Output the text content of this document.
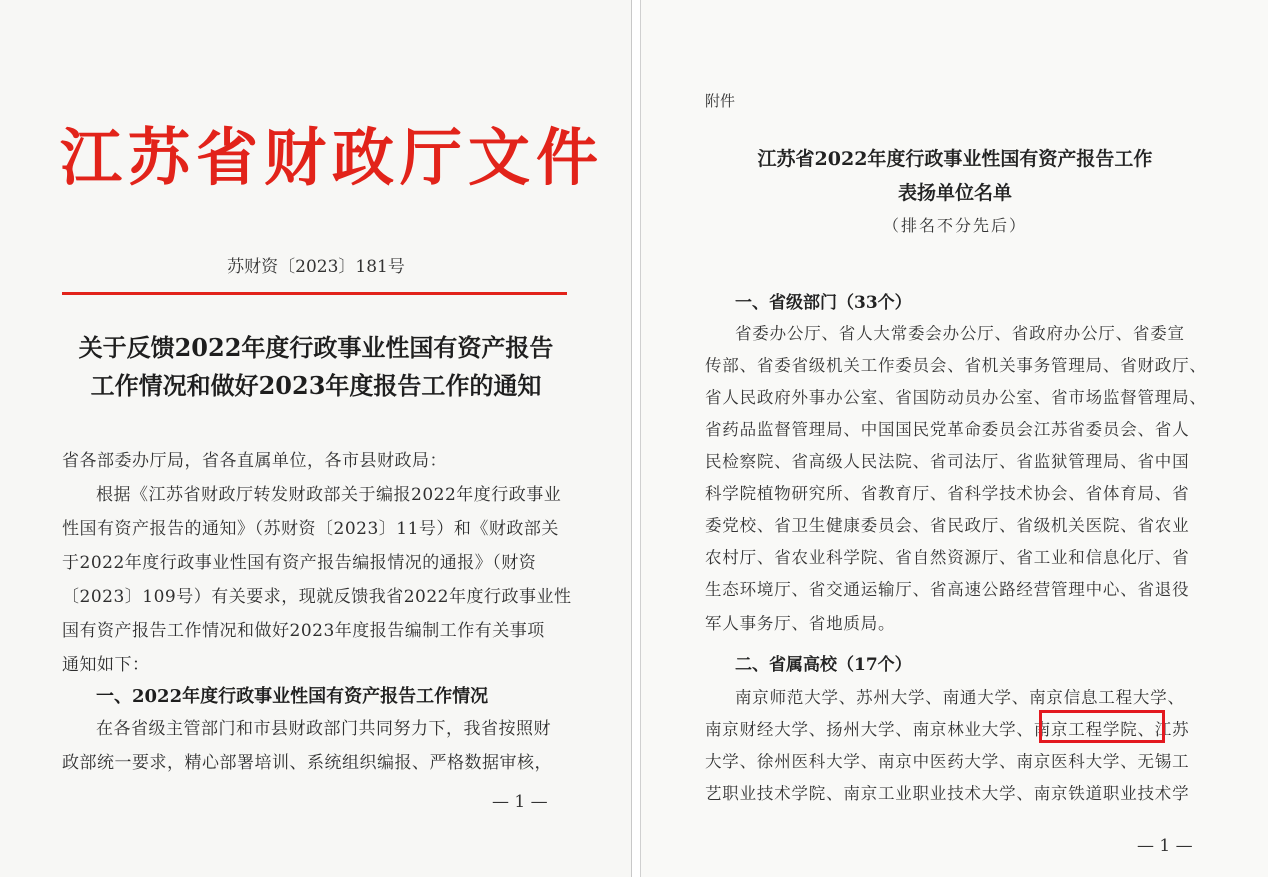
江苏省财政厅文件
苏财资〔2023〕181号
关于反馈2022年度行政事业性国有资产报告
工作情况和做好2023年度报告工作的通知
省各部委办厅局，省各直属单位，各市县财政局：
根据《江苏省财政厅转发财政部关于编报2022年度行政事业
性国有资产报告的通知》（苏财资〔2023〕11号）和《财政部关
于2022年度行政事业性国有资产报告编报情况的通报》（财资
〔2023〕109号）有关要求，现就反馈我省2022年度行政事业性
国有资产报告工作情况和做好2023年度报告编制工作有关事项
通知如下：
一、2022年度行政事业性国有资产报告工作情况
在各省级主管部门和市县财政部门共同努力下，我省按照财
政部统一要求，精心部署培训、系统组织编报、严格数据审核，
— 1 —
附件
江苏省2022年度行政事业性国有资产报告工作
表扬单位名单
（排名不分先后）
一、省级部门（33个）
省委办公厅、省人大常委会办公厅、省政府办公厅、省委宣
传部、省委省级机关工作委员会、省机关事务管理局、省财政厅、
省人民政府外事办公室、省国防动员办公室、省市场监督管理局、
省药品监督管理局、中国国民党革命委员会江苏省委员会、省人
民检察院、省高级人民法院、省司法厅、省监狱管理局、省中国
科学院植物研究所、省教育厅、省科学技术协会、省体育局、省
委党校、省卫生健康委员会、省民政厅、省级机关医院、省农业
农村厅、省农业科学院、省自然资源厅、省工业和信息化厅、省
生态环境厅、省交通运输厅、省高速公路经营管理中心、省退役
军人事务厅、省地质局。
二、省属高校（17个）
南京师范大学、苏州大学、南通大学、南京信息工程大学、
南京财经大学、扬州大学、南京林业大学、南京工程学院、江苏
大学、徐州医科大学、南京中医药大学、南京医科大学、无锡工
艺职业技术学院、南京工业职业技术大学、南京铁道职业技术学
— 1 —
